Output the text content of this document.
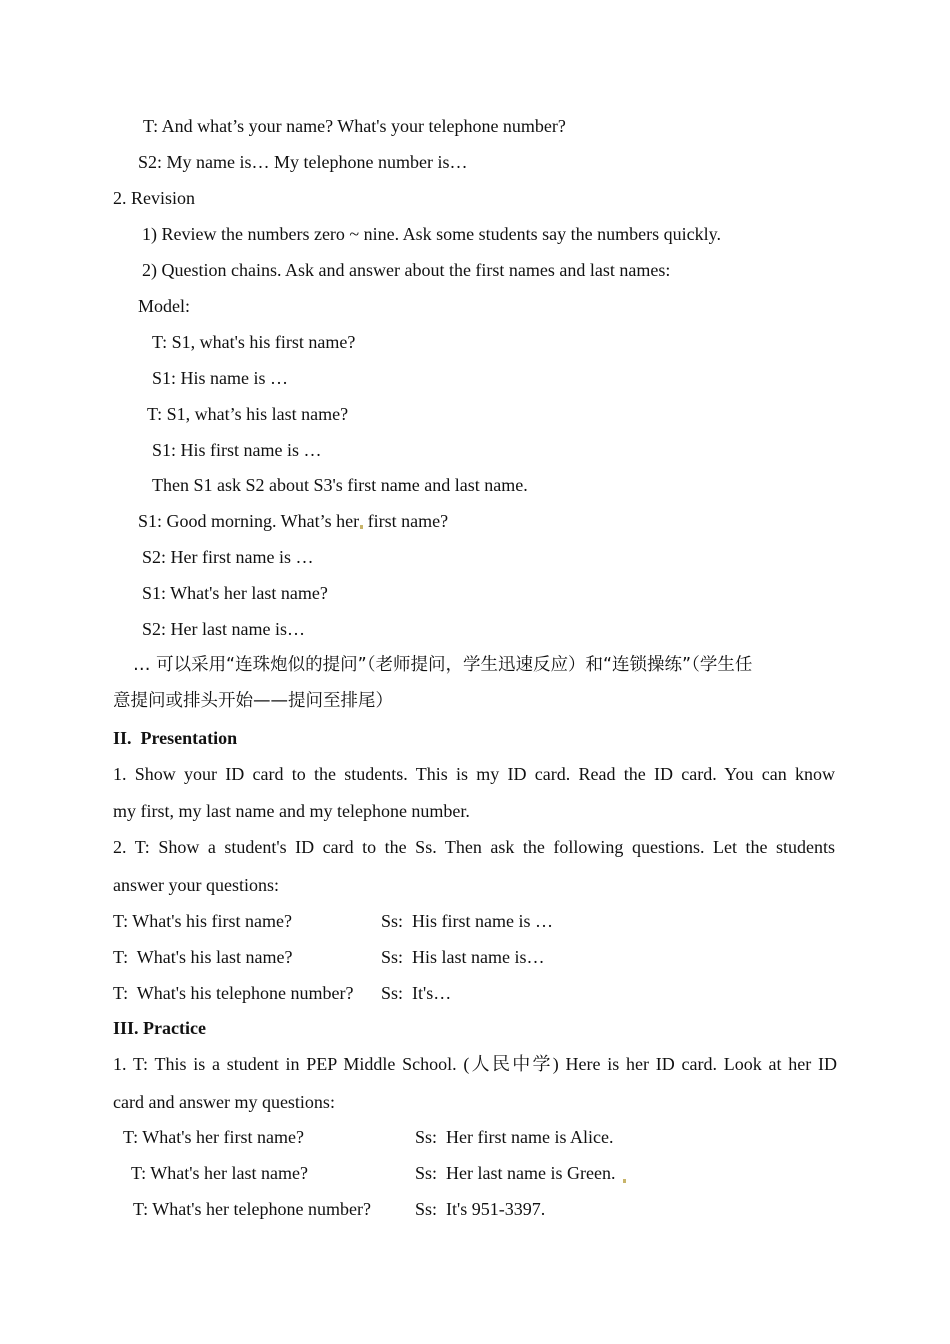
T: And what’s your name? What's your telephone number?
S2: My name is… My telephone number is…
2. Revision
1) Review the numbers zero ~ nine. Ask some students say the numbers quickly.
2) Question chains. Ask and answer about the first names and last names:
Model:
T: S1, what's his first name?
S1: His name is …
T: S1, what’s his last name?
S1: His first name is …
Then S1 ask S2 about S3's first name and last name.
S1: Good morning. What’s her first name?
S2: Her first name is …
S1: What's her last name?
S2: Her last name is…
… 可以采用“连珠炮似的提问”（老师提问，学生迅速反应）和“连锁操练”（学生任
意提问或排头开始——提问至排尾）
II.  Presentation
1. Show your ID card to the students. This is my ID card. Read the ID card. You can know
my first, my last name and my telephone number.
2. T: Show a student's ID card to the Ss. Then ask the following questions. Let the students
answer your questions:
T: What's his first name?	Ss:  His first name is …
T:  What's his last name?	Ss:  His last name is…
T:  What's his telephone number? Ss:  It's…
III. Practice
1. T: This is a student in PEP Middle School. (人民中学) Here is her ID card. Look at her ID
card and answer my questions:
T: What's her first name?	Ss:  Her first name is Alice.
T: What's her last name?	Ss:  Her last name is Green.
T: What's her telephone number? Ss:  It's 951-3397.
